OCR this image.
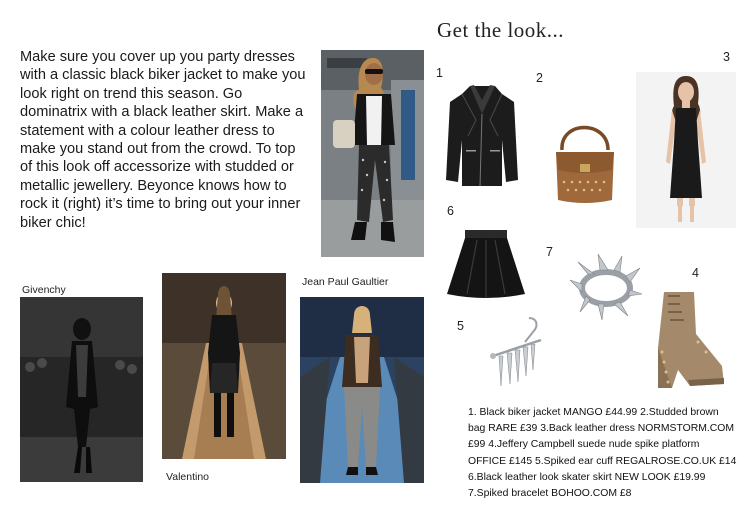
Make sure you cover up you party dresses with a classic black biker jacket to make you look right on trend this season. Go dominatrix with a black leather skirt. Make a statement with a colour leather dress to make you stand out from the crowd. To top of this look off accessorize with studded or metallic jewellery. Beyonce knows how to rock it (right) it’s time to bring out your inner biker chic!
Get the look...
1	2
3
4
5
6
7
Givenchy
Valentino
Jean Paul Gaultier
1. Black biker jacket MANGO £44.99 2.Studded brown bag RARE £39 3.Back leather dress NORMSTORM.COM £99 4.Jeffery Campbell suede nude spike platform OFFICE £145 5.Spiked ear cuff REGALROSE.CO.UK £14 6.Black leather look skater skirt NEW LOOK £19.99 7.Spiked bracelet BOHOO.COM £8
